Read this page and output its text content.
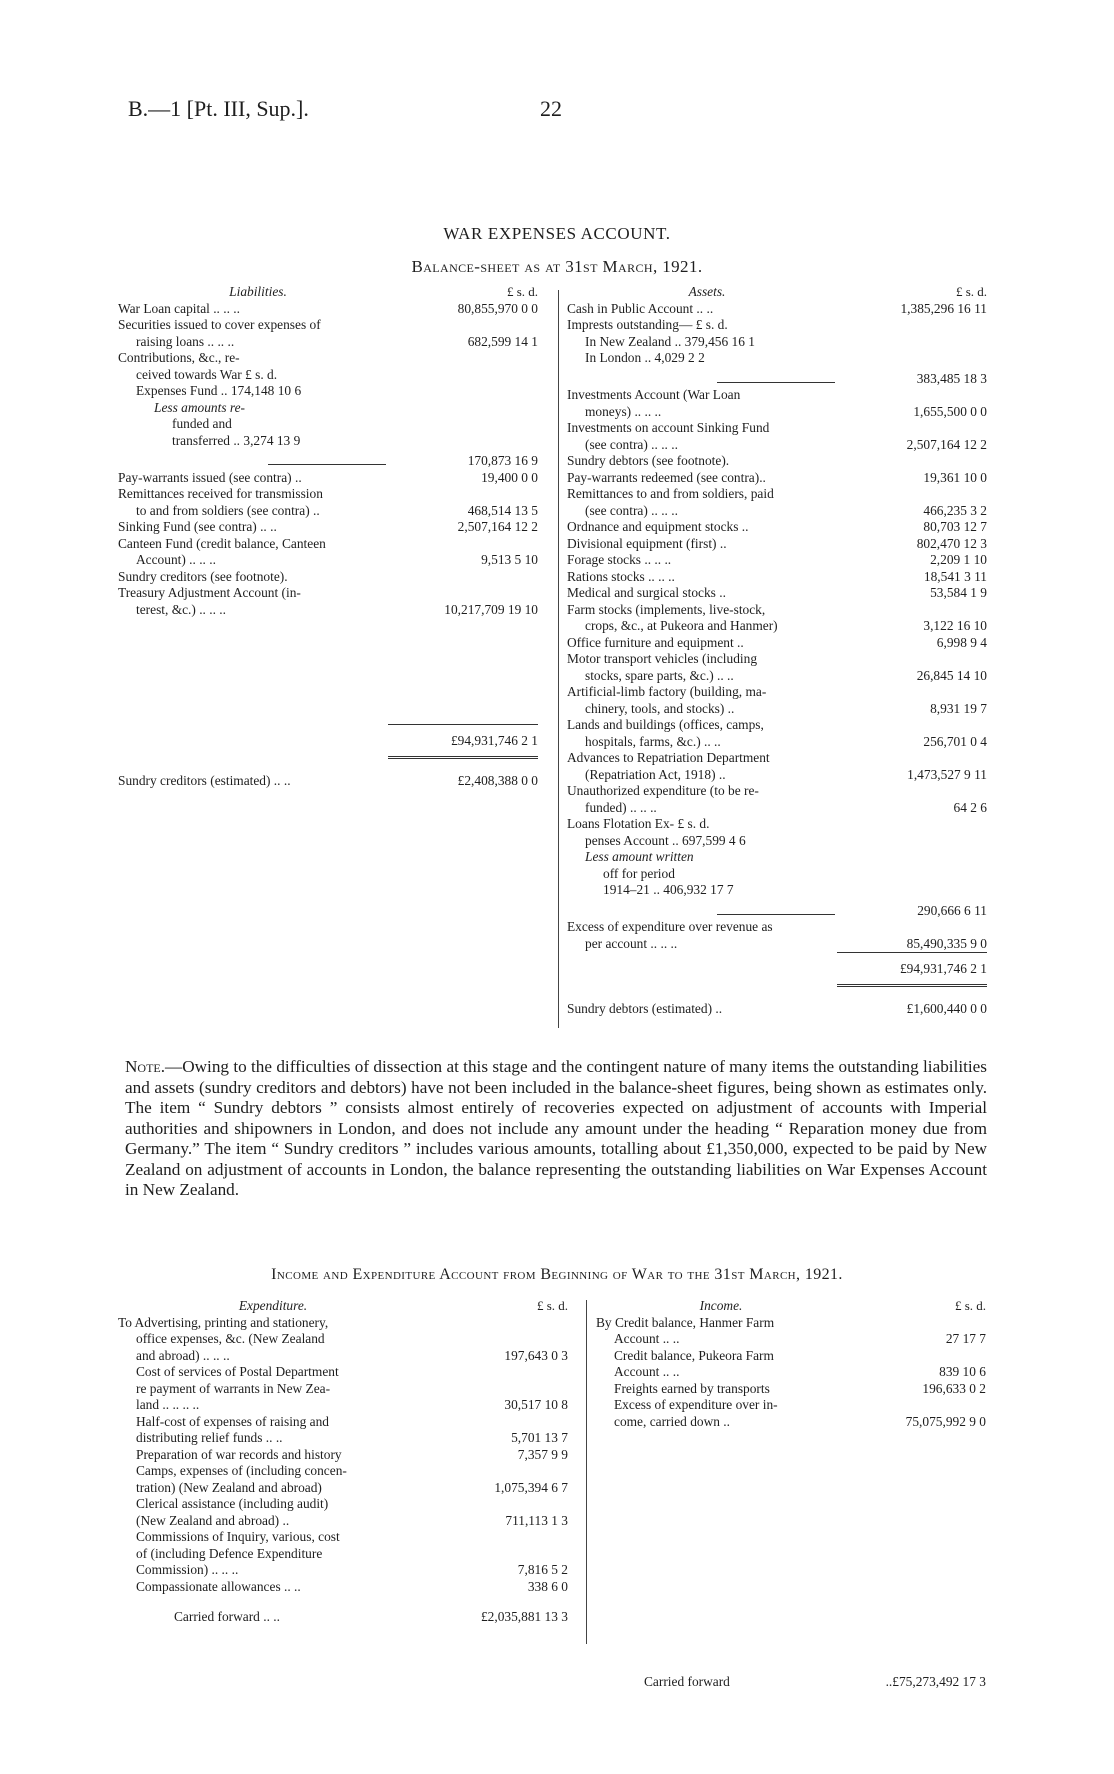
B.—1 [Pt. III, Sup.].	22
WAR EXPENSES ACCOUNT.
Balance-sheet as at 31st March, 1921.
Liabilities.	£ s. d.
War Loan capital .. .. ..	80,855,970 0 0
Securities issued to cover expenses of
raising loans .. .. ..	682,599 14 1
Contributions, &c., re-
ceived towards War £ s. d.
Expenses Fund .. 174,148 10 6
Less amounts re-
funded and
transferred .. 3,274 13 9
170,873 16 9
Pay-warrants issued (see contra) ..	19,400 0 0
Remittances received for transmission
to and from soldiers (see contra) ..	468,514 13 5
Sinking Fund (see contra) .. ..	2,507,164 12 2
Canteen Fund (credit balance, Canteen
Account) .. .. ..	9,513 5 10
Sundry creditors (see footnote).
Treasury Adjustment Account (in-
terest, &c.) .. .. ..	10,217,709 19 10
£94,931,746 2 1
Sundry creditors (estimated) .. ..	£2,408,388 0 0
Assets.	£ s. d.
Cash in Public Account .. ..	1,385,296 16 11
Imprests outstanding— £ s. d.
In New Zealand .. 379,456 16 1
In London .. 4,029 2 2
383,485 18 3
Investments Account (War Loan
moneys) .. .. ..	1,655,500 0 0
Investments on account Sinking Fund
(see contra) .. .. ..	2,507,164 12 2
Sundry debtors (see footnote).
Pay-warrants redeemed (see contra)..	19,361 10 0
Remittances to and from soldiers, paid
(see contra) .. .. ..	466,235 3 2
Ordnance and equipment stocks ..	80,703 12 7
Divisional equipment (first) ..	802,470 12 3
Forage stocks .. .. ..	2,209 1 10
Rations stocks .. .. ..	18,541 3 11
Medical and surgical stocks ..	53,584 1 9
Farm stocks (implements, live-stock,
crops, &c., at Pukeora and Hanmer)	3,122 16 10
Office furniture and equipment ..	6,998 9 4
Motor transport vehicles (including
stocks, spare parts, &c.) .. ..	26,845 14 10
Artificial-limb factory (building, ma-
chinery, tools, and stocks) ..	8,931 19 7
Lands and buildings (offices, camps,
hospitals, farms, &c.) .. ..	256,701 0 4
Advances to Repatriation Department
(Repatriation Act, 1918) ..	1,473,527 9 11
Unauthorized expenditure (to be re-
funded) .. .. ..	64 2 6
Loans Flotation Ex- £ s. d.
penses Account .. 697,599 4 6
Less amount written
off for period
1914–21 .. 406,932 17 7
290,666 6 11
Excess of expenditure over revenue as
per account .. .. ..	85,490,335 9 0
£94,931,746 2 1
Sundry debtors (estimated) ..	£1,600,440 0 0
Note.—Owing to the difficulties of dissection at this stage and the contingent nature of many items the outstanding liabilities and assets (sundry creditors and debtors) have not been included in the balance-sheet figures, being shown as estimates only. The item “ Sundry debtors ” consists almost entirely of recoveries expected on adjustment of accounts with Imperial authorities and shipowners in London, and does not include any amount under the heading “ Reparation money due from Germany.” The item “ Sundry creditors ” includes various amounts, totalling about £1,350,000, expected to be paid by New Zealand on adjustment of accounts in London, the balance representing the outstanding liabilities on War Expenses Account in New Zealand.
Income and Expenditure Account from Beginning of War to the 31st March, 1921.
Expenditure.	£ s. d.
To Advertising, printing and stationery,
office expenses, &c. (New Zealand
and abroad) .. .. ..	197,643 0 3
Cost of services of Postal Department
re payment of warrants in New Zea-
land .. .. .. ..	30,517 10 8
Half-cost of expenses of raising and
distributing relief funds .. ..	5,701 13 7
Preparation of war records and history	7,357 9 9
Camps, expenses of (including concen-
tration) (New Zealand and abroad)	1,075,394 6 7
Clerical assistance (including audit)
(New Zealand and abroad) ..	711,113 1 3
Commissions of Inquiry, various, cost
of (including Defence Expenditure
Commission) .. .. ..	7,816 5 2
Compassionate allowances .. ..	338 6 0
Carried forward .. ..	£2,035,881 13 3
Income.	£ s. d.
By Credit balance, Hanmer Farm
Account .. ..	27 17 7
Credit balance, Pukeora Farm
Account .. ..	839 10 6
Freights earned by transports	196,633 0 2
Excess of expenditure over in-
come, carried down ..	75,075,992 9 0
Carried forward	..£75,273,492 17 3
